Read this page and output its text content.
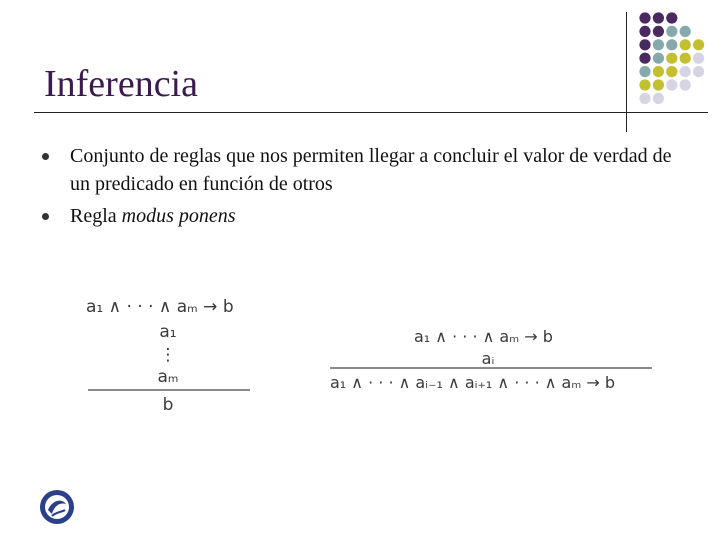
Inferencia
Conjunto de reglas que nos permiten llegar a concluir el valor de verdad de un predicado en función de otros
Regla modus ponens
a₁ ∧ · · · ∧ aₘ → b
a₁
⋮
aₘ
b
a₁ ∧ · · · ∧ aₘ → b
aᵢ
a₁ ∧ · · · ∧ aᵢ₋₁ ∧ aᵢ₊₁ ∧ · · · ∧ aₘ → b
